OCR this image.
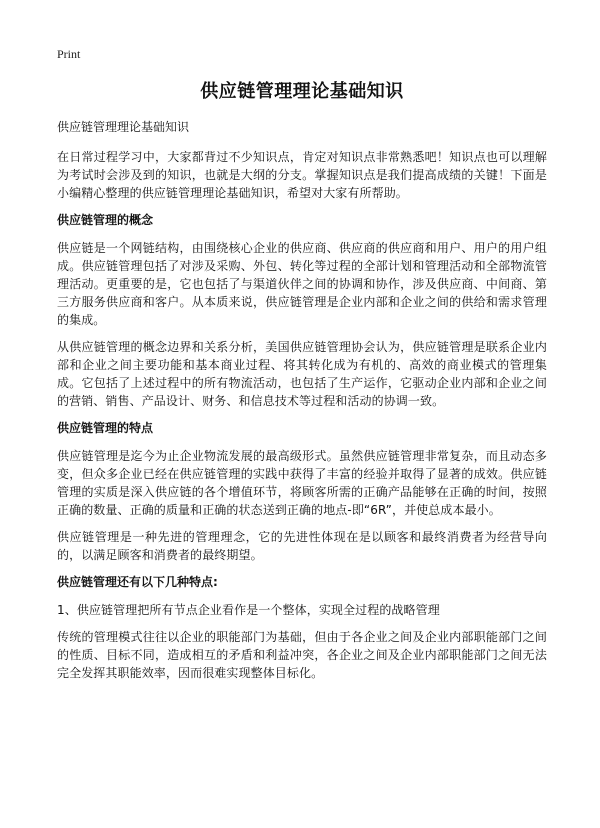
Print
供应链管理理论基础知识
供应链管理理论基础知识

在日常过程学习中，大家都背过不少知识点，肯定对知识点非常熟悉吧！知识点也可以理解为考试时会涉及到的知识，也就是大纲的分支。掌握知识点是我们提高成绩的关键！下面是小编精心整理的供应链管理理论基础知识，希望对大家有所帮助。

供应链管理的概念

供应链是一个网链结构，由围绕核心企业的供应商、供应商的供应商和用户、用户的用户组成。供应链管理包括了对涉及采购、外包、转化等过程的全部计划和管理活动和全部物流管理活动。更重要的是，它也包括了与渠道伙伴之间的协调和协作，涉及供应商、中间商、第三方服务供应商和客户。从本质来说，供应链管理是企业内部和企业之间的供给和需求管理的集成。

从供应链管理的概念边界和关系分析，美国供应链管理协会认为，供应链管理是联系企业内部和企业之间主要功能和基本商业过程、将其转化成为有机的、高效的商业模式的管理集成。它包括了上述过程中的所有物流活动，也包括了生产运作，它驱动企业内部和企业之间的营销、销售、产品设计、财务、和信息技术等过程和活动的协调一致。

供应链管理的特点

供应链管理是迄今为止企业物流发展的最高级形式。虽然供应链管理非常复杂，而且动态多变，但众多企业已经在供应链管理的实践中获得了丰富的经验并取得了显著的成效。供应链管理的实质是深入供应链的各个增值环节，将顾客所需的正确产品能够在正确的时间，按照正确的数量、正确的质量和正确的状态送到正确的地点-即“6R”，并使总成本最小。

供应链管理是一种先进的管理理念，它的先进性体现在是以顾客和最终消费者为经营导向的，以满足顾客和消费者的最终期望。

供应链管理还有以下几种特点:

1、供应链管理把所有节点企业看作是一个整体，实现全过程的战略管理

传统的管理模式往往以企业的职能部门为基础，但由于各企业之间及企业内部职能部门之间的性质、目标不同，造成相互的矛盾和利益冲突，各企业之间及企业内部职能部门之间无法完全发挥其职能效率，因而很难实现整体目标化。
